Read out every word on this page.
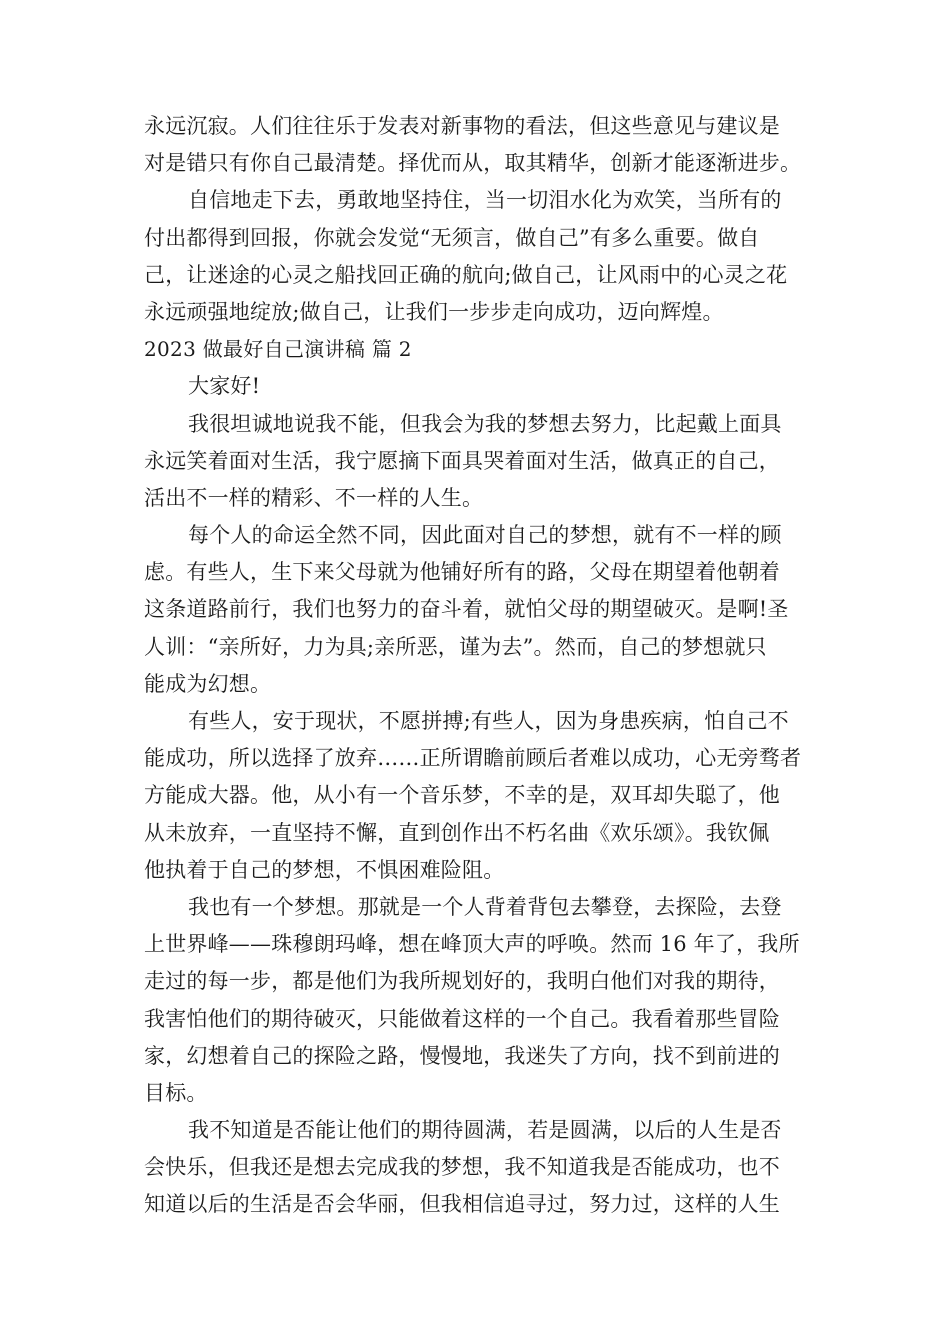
永远沉寂。人们往往乐于发表对新事物的看法，但这些意见与建议是
对是错只有你自己最清楚。择优而从，取其精华，创新才能逐渐进步。
自信地走下去，勇敢地坚持住，当一切泪水化为欢笑，当所有的
付出都得到回报，你就会发觉“无须言，做自己”有多么重要。做自
己，让迷途的心灵之船找回正确的航向;做自己，让风雨中的心灵之花
永远顽强地绽放;做自己，让我们一步步走向成功，迈向辉煌。
2023 做最好自己演讲稿 篇 2
大家好!
我很坦诚地说我不能，但我会为我的梦想去努力，比起戴上面具
永远笑着面对生活，我宁愿摘下面具哭着面对生活，做真正的自己，
活出不一样的精彩、不一样的人生。
每个人的命运全然不同，因此面对自己的梦想，就有不一样的顾
虑。有些人，生下来父母就为他铺好所有的路，父母在期望着他朝着
这条道路前行，我们也努力的奋斗着，就怕父母的期望破灭。是啊!圣
人训：“亲所好，力为具;亲所恶，谨为去”。然而，自己的梦想就只
能成为幻想。
有些人，安于现状，不愿拼搏;有些人，因为身患疾病，怕自己不
能成功，所以选择了放弃……正所谓瞻前顾后者难以成功，心无旁骛者
方能成大器。他，从小有一个音乐梦，不幸的是，双耳却失聪了，他
从未放弃，一直坚持不懈，直到创作出不朽名曲《欢乐颂》。我钦佩
他执着于自己的梦想，不惧困难险阻。
我也有一个梦想。那就是一个人背着背包去攀登，去探险，去登
上世界峰——珠穆朗玛峰，想在峰顶大声的呼唤。然而 16 年了，我所
走过的每一步，都是他们为我所规划好的，我明白他们对我的期待，
我害怕他们的期待破灭，只能做着这样的一个自己。我看着那些冒险
家，幻想着自己的探险之路，慢慢地，我迷失了方向，找不到前进的
目标。
我不知道是否能让他们的期待圆满，若是圆满，以后的人生是否
会快乐，但我还是想去完成我的梦想，我不知道我是否能成功，也不
知道以后的生活是否会华丽，但我相信追寻过，努力过，这样的人生
